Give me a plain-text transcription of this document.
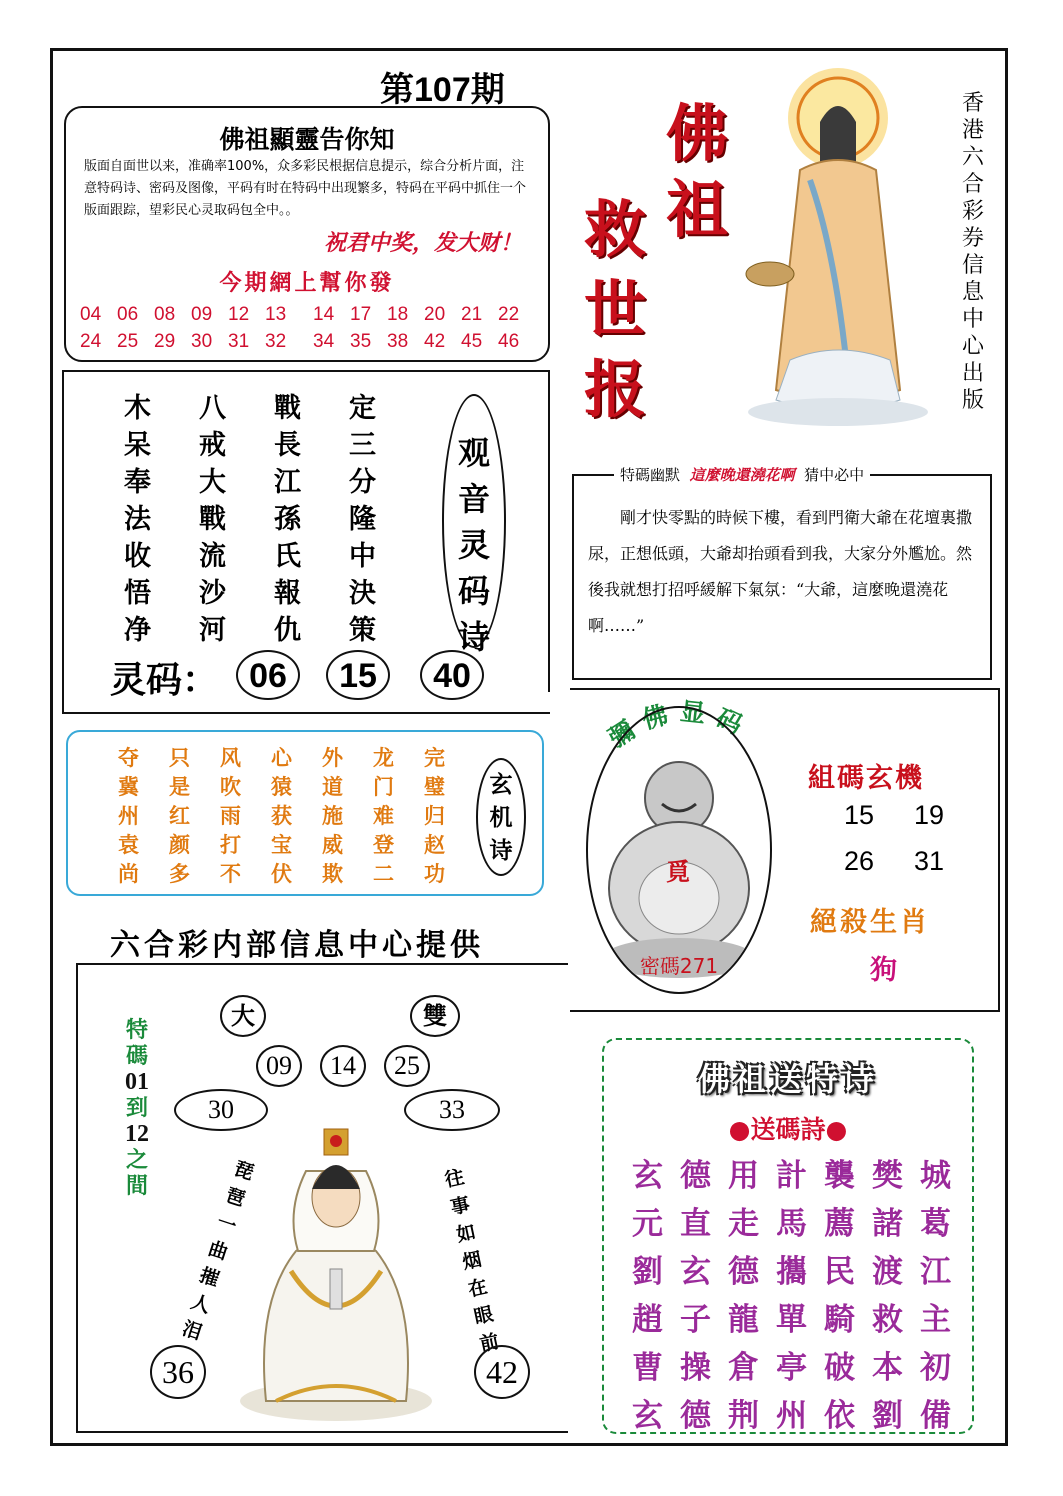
第107期
佛祖顯靈告你知
版面自面世以来，准确率100%，众多彩民根据信息提示，综合分析片面，注意特码诗、密码及图像，平码有时在特码中出现繁多，特码在平码中抓住一个版面跟踪，望彩民心灵取码包全中。。
祝君中奖，发大财！
今期網上幫你發
04 06 08 09 12 13 14 17 18 20 21 22
24 25 29 30 31 32 34 35 38 42 45 46
木	八	戰	定
呆	戒	長	三
奉	大	江	分
法	戰	孫	隆
收	流	氏	中
悟	沙	報	決
净	河	仇	策
观
音
灵
码
诗
灵码： 06	15	40
夺	只	风	心	外	龙	完
冀	是	吹	猿	道	门	璧
州	红	雨	获	施	难	归
袁	颜	打	宝	威	登	赵
尚	多	不	伏	欺	二	功
玄
机
诗
六合彩内部信息中心提供
大	雙
09	14	25
30	33
特
碼
01
到
12
之
間
琵
琶
一
曲
摧
人
泪
往
事
如
烟
在
眼
前
36	42
佛
祖
救
世
报
香
港
六
合
彩
券
信
息
中
心
出
版
特碼幽默 這麼晚還澆花啊 猜中必中
　　剛才快零點的時候下樓，看到門衛大爺在花壇裏撒尿，正想低頭，大爺却抬頭看到我，大家分外尷尬。然後我就想打招呼緩解下氣氛：“大爺，這麼晚還澆花啊……”
彌佛显码
覓
密碼271
組碼玄機
15 19
26 31
絕殺生肖
狗
佛祖送特诗
●送碼詩●
玄 德 用 計 襲 樊 城
元 直 走 馬 薦 諸 葛
劉 玄 德 攜 民 渡 江
趙 子 龍 單 騎 救 主
曹 操 倉 亭 破 本 初
玄 德 荆 州 依 劉 備
